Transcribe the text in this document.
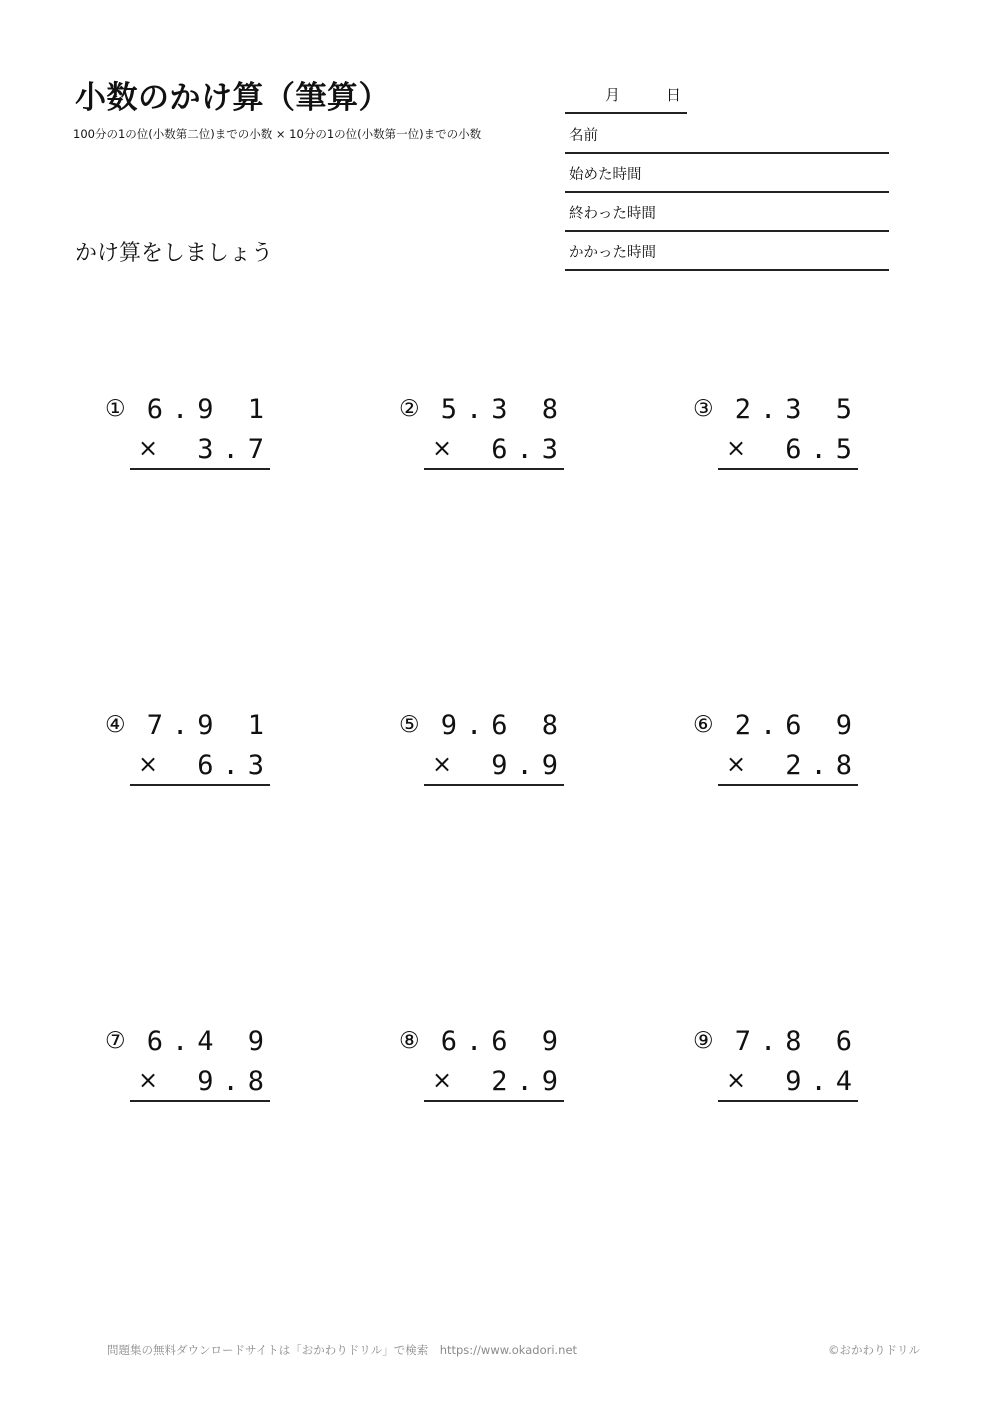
小数のかけ算（筆算）
100分の1の位(小数第二位)までの小数 × 10分の1の位(小数第一位)までの小数
かけ算をしましょう
月	日
名前
始めた時間
終わった時間
かかった時間
① 6.9 1
× 3.7
② 5.3 8
× 6.3
③ 2.3 5
× 6.5
④ 7.9 1
× 6.3
⑤ 9.6 8
× 9.9
⑥ 2.6 9
× 2.8
⑦ 6.4 9
× 9.8
⑧ 6.6 9
× 2.9
⑨ 7.8 6
× 9.4
問題集の無料ダウンロードサイトは「おかわりドリル」で検索　https://www.okadori.net	©おかわりドリル
